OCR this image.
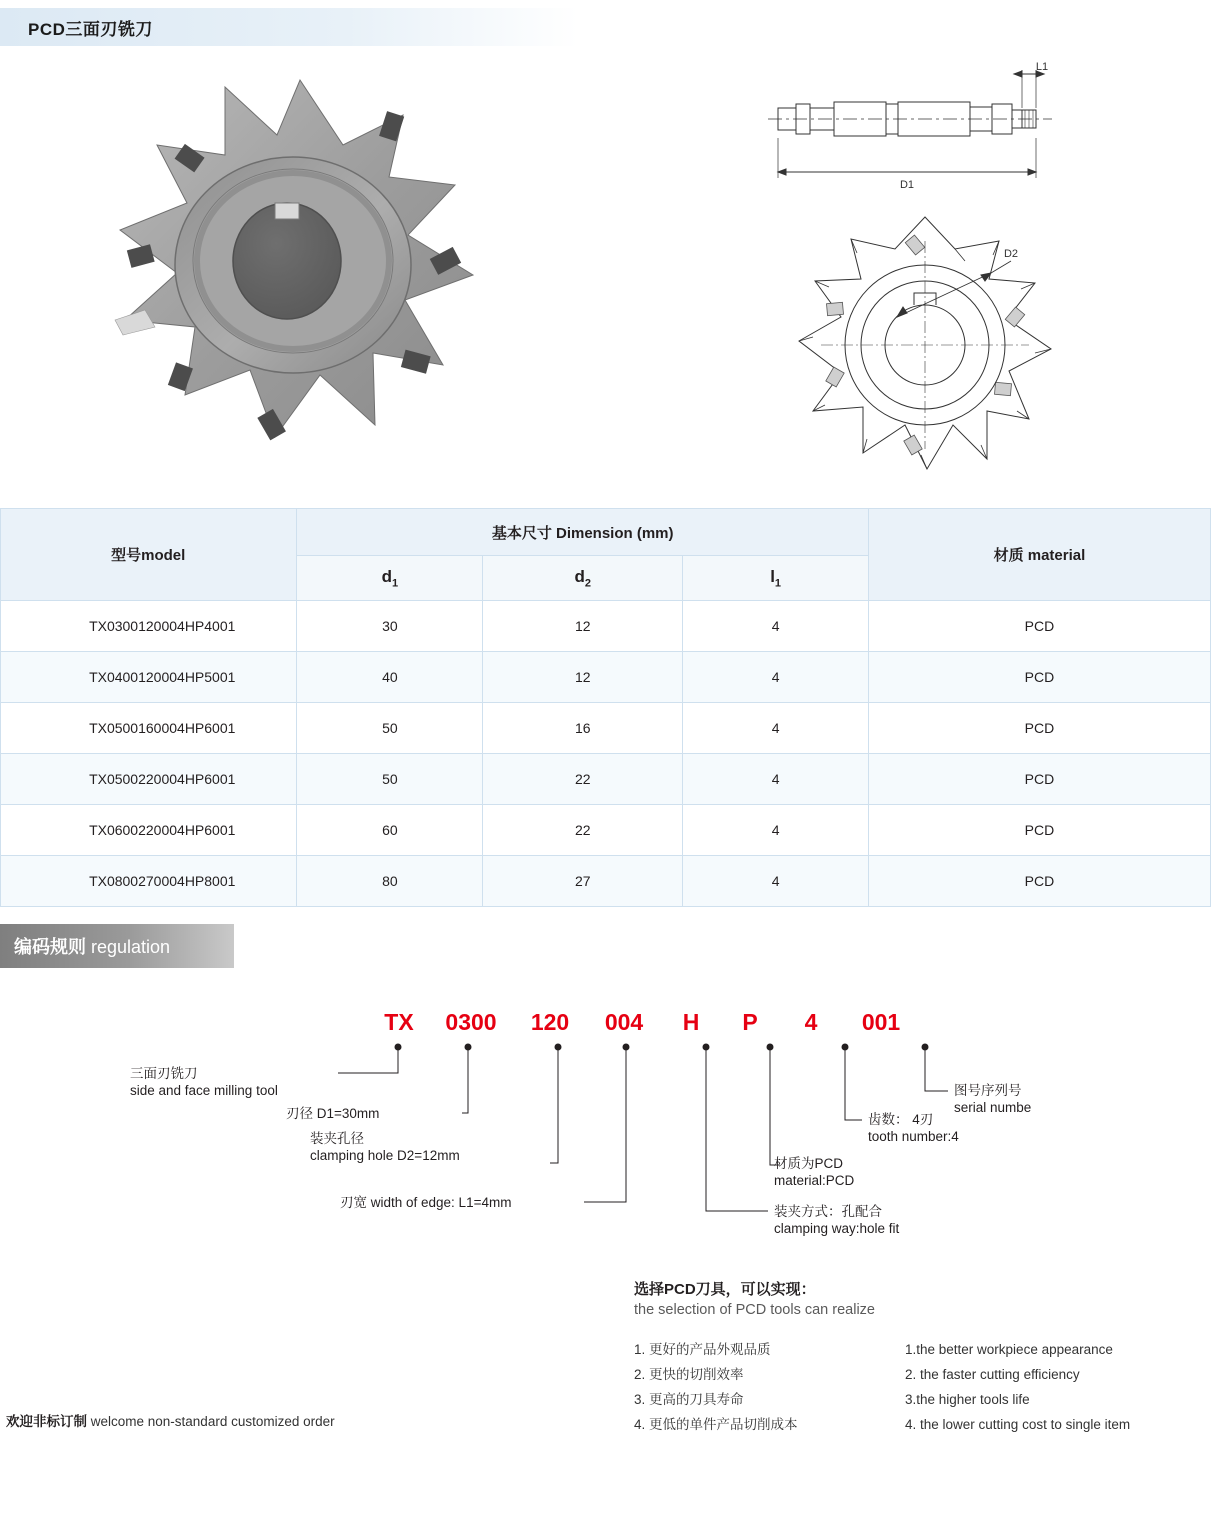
PCD三面刃铣刀
D1
L1
D2
型号model	基本尺寸 Dimension (mm)			材质 material
	$d_1$	$d_2$	$l_1$
TX0300120004HP4001	30	12	4	PCD
TX0400120004HP5001	40	12	4	PCD
TX0500160004HP6001	50	16	4	PCD
TX0500220004HP6001	50	22	4	PCD
TX0600220004HP6001	60	22	4	PCD
TX0800270004HP8001	80	27	4	PCD
编码规则 regulation
TX	0300	120	004	H	P	4	001
三面刃铣刀
side and face milling tool
刃径 D1=30mm
装夹孔径
clamping hole D2=12mm
刃宽 width of edge: L1=4mm
材质为PCD
material:PCD
装夹方式：孔配合
clamping way:hole fit
齿数： 4刃
tooth number:4
图号序列号
serial numbe
选择PCD刀具，可以实现：
the selection of PCD tools can realize
1. 更好的产品外观品质
2. 更快的切削效率
3. 更高的刀具寿命
4. 更低的单件产品切削成本
1.the better workpiece appearance
2. the faster cutting efficiency
3.the higher tools life
4. the lower cutting cost to single item
欢迎非标订制 welcome non-standard customized order
